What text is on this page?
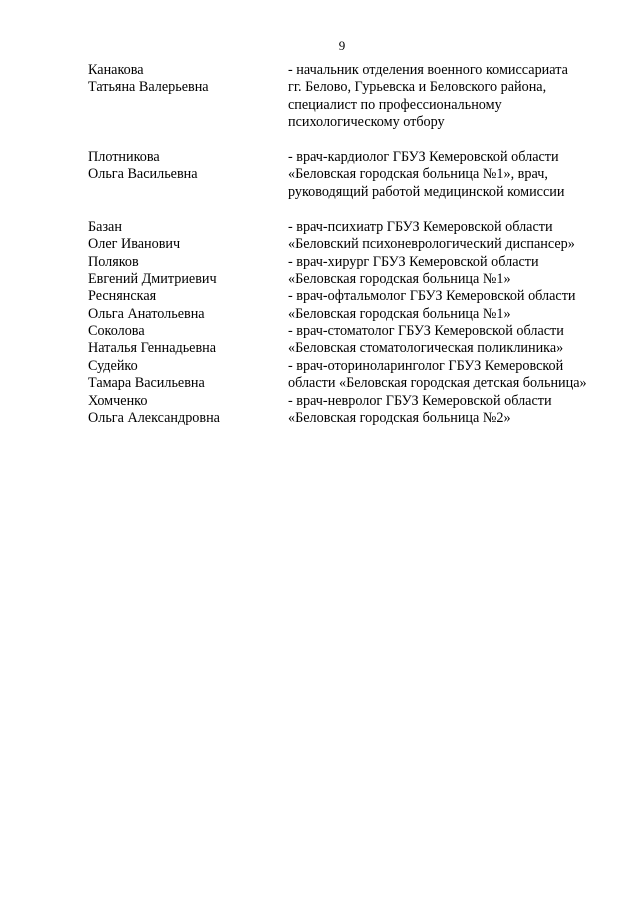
9
Канакова
Татьяна Валерьевна
- начальник отделения военного комиссариата
гг. Белово, Гурьевска и Беловского района,
специалист по профессиональному
психологическому отбору
Плотникова
Ольга Васильевна
- врач-кардиолог ГБУЗ Кемеровской области
«Беловская городская больница №1», врач,
руководящий работой медицинской комиссии
Базан
Олег Иванович
- врач-психиатр ГБУЗ Кемеровской области
«Беловский психоневрологический диспансер»
Поляков
Евгений Дмитриевич
- врач-хирург ГБУЗ Кемеровской области
«Беловская городская больница №1»
Реснянская
Ольга Анатольевна
- врач-офтальмолог ГБУЗ Кемеровской области
«Беловская городская больница №1»
Соколова
Наталья Геннадьевна
- врач-стоматолог ГБУЗ Кемеровской области
«Беловская стоматологическая поликлиника»
Судейко
Тамара Васильевна
- врач-оториноларинголог ГБУЗ Кемеровской
области «Беловская городская детская больница»
Хомченко
Ольга Александровна
- врач-невролог ГБУЗ Кемеровской области
«Беловская городская больница №2»
